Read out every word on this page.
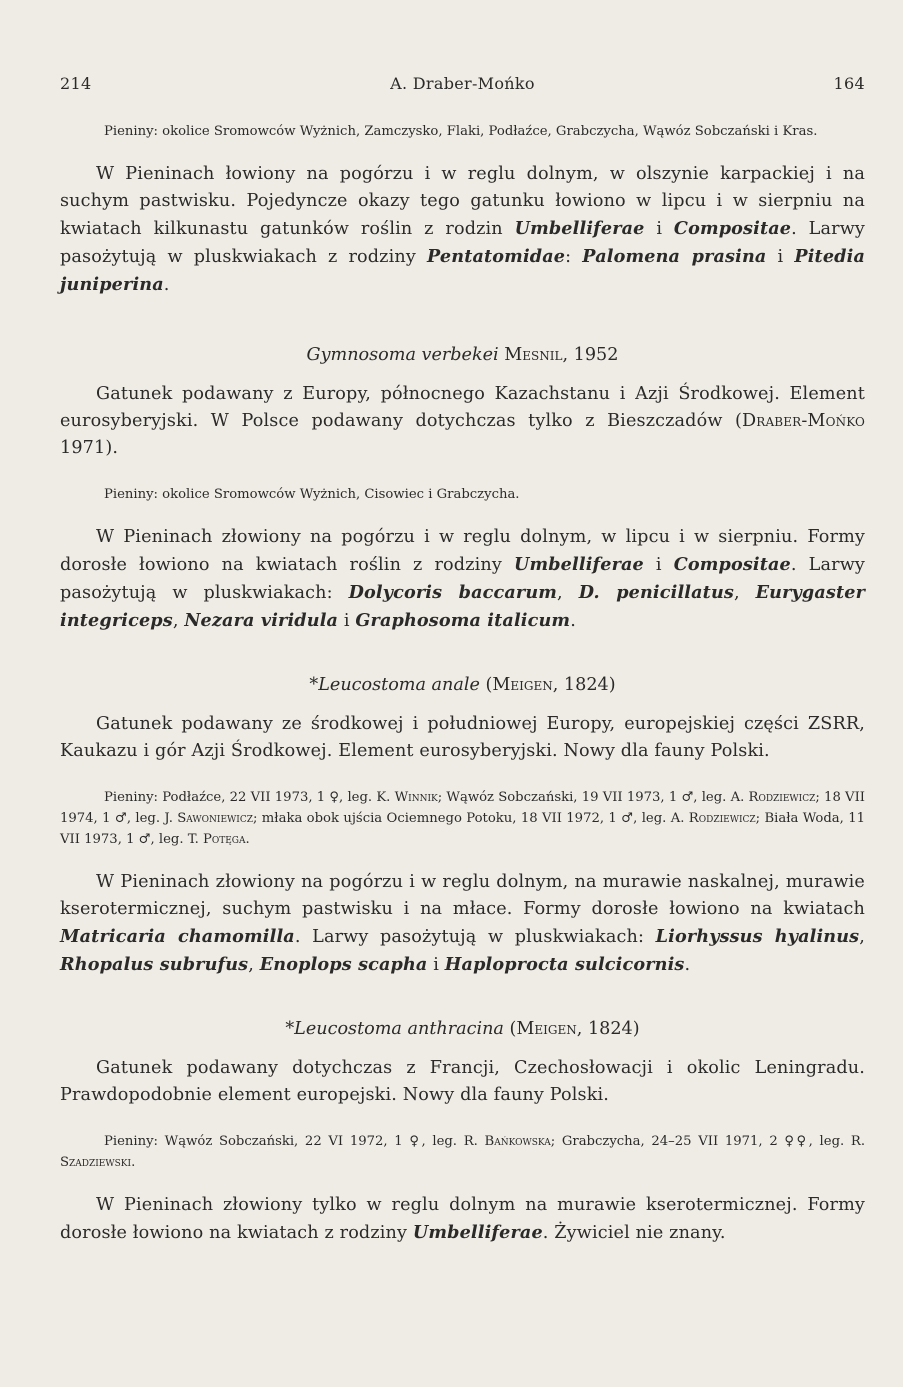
214	A. Draber-Mońko	164

Pieniny: okolice Sromowców Wyżnich, Zamczysko, Flaki, Podłaźce, Grabczycha, Wąwóz Sobczański i Kras.

W Pieninach łowiony na pogórzu i w reglu dolnym, w olszynie karpackiej i na suchym pastwisku. Pojedyncze okazy tego gatunku łowiono w lipcu i w sierpniu na kwiatach kilkunastu gatunków roślin z rodzin Umbelliferae i Compositae. Larwy pasożytują w pluskwiakach z rodziny Pentatomidae: Palomena prasina i Pitedia juniperina.

Gymnosoma verbekei Mesnil, 1952

Gatunek podawany z Europy, północnego Kazachstanu i Azji Środkowej. Element eurosyberyjski. W Polsce podawany dotychczas tylko z Bieszczadów (Draber-Mońko 1971).

Pieniny: okolice Sromowców Wyżnich, Cisowiec i Grabczycha.

W Pieninach złowiony na pogórzu i w reglu dolnym, w lipcu i w sierpniu. Formy dorosłe łowiono na kwiatach roślin z rodziny Umbelliferae i Compositae. Larwy pasożytują w pluskwiakach: Dolycoris baccarum, D. penicillatus, Eurygaster integriceps, Nezara viridula i Graphosoma italicum.

*Leucostoma anale (Meigen, 1824)

Gatunek podawany ze środkowej i południowej Europy, europejskiej części ZSRR, Kaukazu i gór Azji Środkowej. Element eurosyberyjski. Nowy dla fauny Polski.

Pieniny: Podłaźce, 22 VII 1973, 1 ♀, leg. K. Winnik; Wąwóz Sobczański, 19 VII 1973, 1 ♂, leg. A. Rodziewicz; 18 VII 1974, 1 ♂, leg. J. Sawoniewicz; młaka obok ujścia Ociemnego Potoku, 18 VII 1972, 1 ♂, leg. A. Rodziewicz; Biała Woda, 11 VII 1973, 1 ♂, leg. T. Potęga.

W Pieninach złowiony na pogórzu i w reglu dolnym, na murawie naskalnej, murawie kserotermicznej, suchym pastwisku i na młace. Formy dorosłe łowiono na kwiatach Matricaria chamomilla. Larwy pasożytują w pluskwiakach: Liorhyssus hyalinus, Rhopalus subrufus, Enoplops scapha i Haploprocta sulcicornis.

*Leucostoma anthracina (Meigen, 1824)

Gatunek podawany dotychczas z Francji, Czechosłowacji i okolic Leningradu. Prawdopodobnie element europejski. Nowy dla fauny Polski.

Pieniny: Wąwóz Sobczański, 22 VI 1972, 1 ♀, leg. R. Bańkowska; Grabczycha, 24–25 VII 1971, 2 ♀♀, leg. R. Szadziewski.

W Pieninach złowiony tylko w reglu dolnym na murawie kserotermicznej. Formy dorosłe łowiono na kwiatach z rodziny Umbelliferae. Żywiciel nie znany.
